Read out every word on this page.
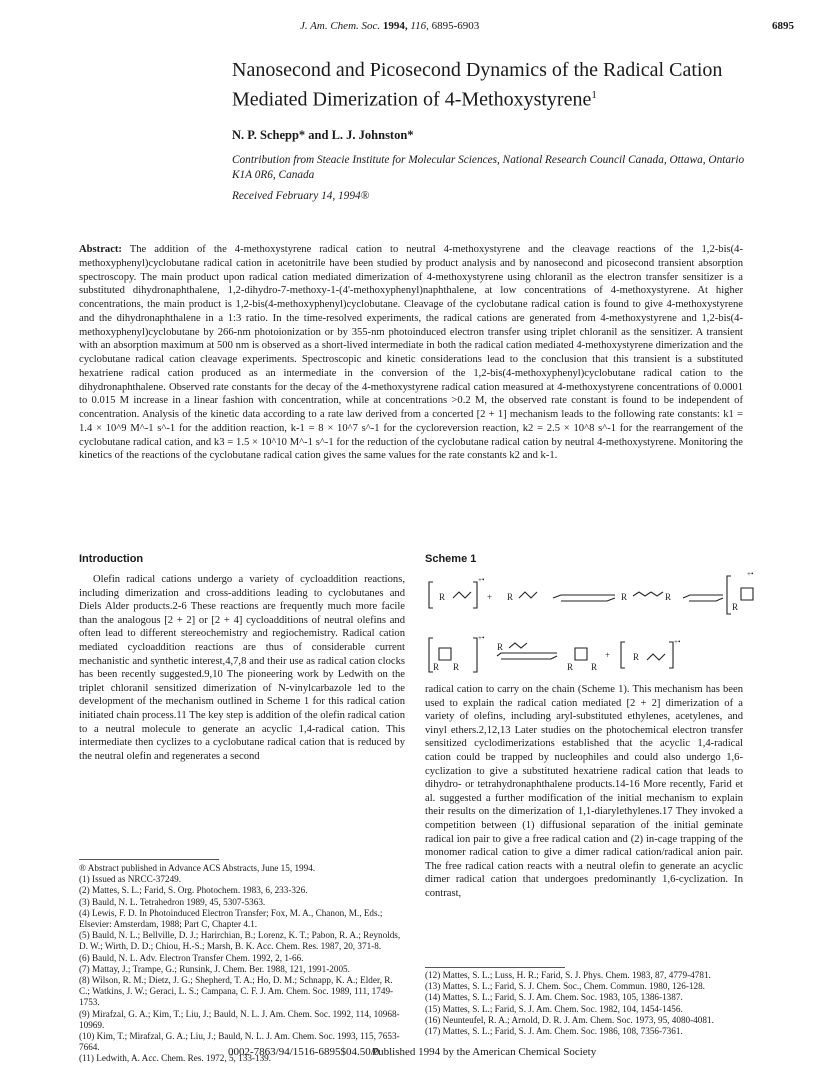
J. Am. Chem. Soc. 1994, 116, 6895-6903	6895
Nanosecond and Picosecond Dynamics of the Radical Cation
Mediated Dimerization of 4-Methoxystyrene$^1$
N. P. Schepp* and L. J. Johnston*
Contribution from Steacie Institute for Molecular Sciences, National Research Council Canada, Ottawa, Ontario K1A 0R6, Canada
Received February 14, 1994®
Abstract: The addition of the 4-methoxystyrene radical cation to neutral 4-methoxystyrene and the cleavage reactions of the 1,2-bis(4-methoxyphenyl)cyclobutane radical cation in acetonitrile have been studied by product analysis and by nanosecond and picosecond transient absorption spectroscopy. The main product upon radical cation mediated dimerization of 4-methoxystyrene using chloranil as the electron transfer sensitizer is a substituted dihydronaphthalene, 1,2-dihydro-7-methoxy-1-(4'-methoxyphenyl)naphthalene, at low concentrations of 4-methoxystyrene. At higher concentrations, the main product is 1,2-bis(4-methoxyphenyl)cyclobutane. Cleavage of the cyclobutane radical cation is found to give 4-methoxystyrene and the dihydronaphthalene in a 1:3 ratio. In the time-resolved experiments, the radical cations are generated from 4-methoxystyrene and 1,2-bis(4-methoxyphenyl)cyclobutane by 266-nm photoionization or by 355-nm photoinduced electron transfer using triplet chloranil as the sensitizer. A transient with an absorption maximum at 500 nm is observed as a short-lived intermediate in both the radical cation mediated 4-methoxystyrene dimerization and the cyclobutane radical cation cleavage experiments. Spectroscopic and kinetic considerations lead to the conclusion that this transient is a substituted hexatriene radical cation produced as an intermediate in the conversion of the 1,2-bis(4-methoxyphenyl)cyclobutane radical cation to the dihydronaphthalene. Observed rate constants for the decay of the 4-methoxystyrene radical cation measured at 4-methoxystyrene concentrations of 0.0001 to 0.015 M increase in a linear fashion with concentration, while at concentrations >0.2 M, the observed rate constant is found to be independent of concentration. Analysis of the kinetic data according to a rate law derived from a concerted [2 + 1] mechanism leads to the following rate constants: k1 = 1.4 × 10^9 M^-1 s^-1 for the addition reaction, k-1 = 8 × 10^7 s^-1 for the cycloreversion reaction, k2 = 2.5 × 10^8 s^-1 for the rearrangement of the cyclobutane radical cation, and k3 = 1.5 × 10^10 M^-1 s^-1 for the reduction of the cyclobutane radical cation by neutral 4-methoxystyrene. Monitoring the kinetics of the reactions of the cyclobutane radical cation gives the same values for the rate constants k2 and k-1.
Introduction

Olefin radical cations undergo a variety of cycloaddition reactions, including dimerization and cross-additions leading to cyclobutanes and Diels Alder products.2-6 These reactions are frequently much more facile than the analogous [2 + 2] or [2 + 4] cycloadditions of neutral olefins and often lead to different stereochemistry and regiochemistry. Radical cation mediated cycloaddition reactions are thus of considerable current mechanistic and synthetic interest,4,7,8 and their use as radical cation clocks has been recently suggested.9,10 The pioneering work by Ledwith on the triplet chloranil sensitized dimerization of N-vinylcarbazole led to the development of the mechanism outlined in Scheme 1 for this radical cation initiated chain process.11 The key step is addition of the olefin radical cation to a neutral molecule to generate an acyclic 1,4-radical cation. This intermediate then cyclizes to a cyclobutane radical cation that is reduced by the neutral olefin and regenerates a second

® Abstract published in Advance ACS Abstracts, June 15, 1994.
(1) Issued as NRCC-37249.
(2) Mattes, S. L.; Farid, S. Org. Photochem. 1983, 6, 233-326.
(3) Bauld, N. L. Tetrahedron 1989, 45, 5307-5363.
(4) Lewis, F. D. In Photoinduced Electron Transfer; Fox, M. A., Chanon, M., Eds.; Elsevier: Amsterdam, 1988; Part C, Chapter 4.1.
(5) Bauld, N. L.; Bellville, D. J.; Harirchian, B.; Lorenz, K. T.; Pabon, R. A.; Reynolds, D. W.; Wirth, D. D.; Chiou, H.-S.; Marsh, B. K. Acc. Chem. Res. 1987, 20, 371-8.
(6) Bauld, N. L. Adv. Electron Transfer Chem. 1992, 2, 1-66.
(7) Mattay, J.; Trampe, G.; Runsink, J. Chem. Ber. 1988, 121, 1991-2005.
(8) Wilson, R. M.; Dietz, J. G.; Shepherd, T. A.; Ho, D. M.; Schnapp, K. A.; Elder, R. C.; Watkins, J. W.; Geraci, L. S.; Campana, C. F. J. Am. Chem. Soc. 1989, 111, 1749-1753.
(9) Mirafzal, G. A.; Kim, T.; Liu, J.; Bauld, N. L. J. Am. Chem. Soc. 1992, 114, 10968-10969.
(10) Kim, T.; Mirafzal, G. A.; Liu, J.; Bauld, N. L. J. Am. Chem. Soc. 1993, 115, 7653-7664.
(11) Ledwith, A. Acc. Chem. Res. 1972, 5, 133-139.
Scheme 1
R
+•
+ R	R	R
R
+•
R R
+•
R
R R
+	R
+•

radical cation to carry on the chain (Scheme 1). This mechanism has been used to explain the radical cation mediated [2 + 2] dimerization of a variety of olefins, including aryl-substituted ethylenes, acetylenes, and vinyl ethers.2,12,13 Later studies on the photochemical electron transfer sensitized cyclodimerizations established that the acyclic 1,4-radical cation could be trapped by nucleophiles and could also undergo 1,6-cyclization to give a substituted hexatriene radical cation that leads to dihydro- or tetrahydronaphthalene products.14-16 More recently, Farid et al. suggested a further modification of the initial mechanism to explain their results on the dimerization of 1,1-diarylethylenes.17 They invoked a competition between (1) diffusional separation of the initial geminate radical ion pair to give a free radical cation and (2) in-cage trapping of the monomer radical cation to give a dimer radical cation/radical anion pair. The free radical cation reacts with a neutral olefin to generate an acyclic dimer radical cation that undergoes predominantly 1,6-cyclization. In contrast,

(12) Mattes, S. L.; Luss, H. R.; Farid, S. J. Phys. Chem. 1983, 87, 4779-4781.
(13) Mattes, S. L.; Farid, S. J. Chem. Soc., Chem. Commun. 1980, 126-128.
(14) Mattes, S. L.; Farid, S. J. Am. Chem. Soc. 1983, 105, 1386-1387.
(15) Mattes, S. L.; Farid, S. J. Am. Chem. Soc. 1982, 104, 1454-1456.
(16) Neunteufel, R. A.; Arnold, D. R. J. Am. Chem. Soc. 1973, 95, 4080-4081.
(17) Mattes, S. L.; Farid, S. J. Am. Chem. Soc. 1986, 108, 7356-7361.
0002-7863/94/1516-6895$04.50/0
Published 1994 by the American Chemical Society
